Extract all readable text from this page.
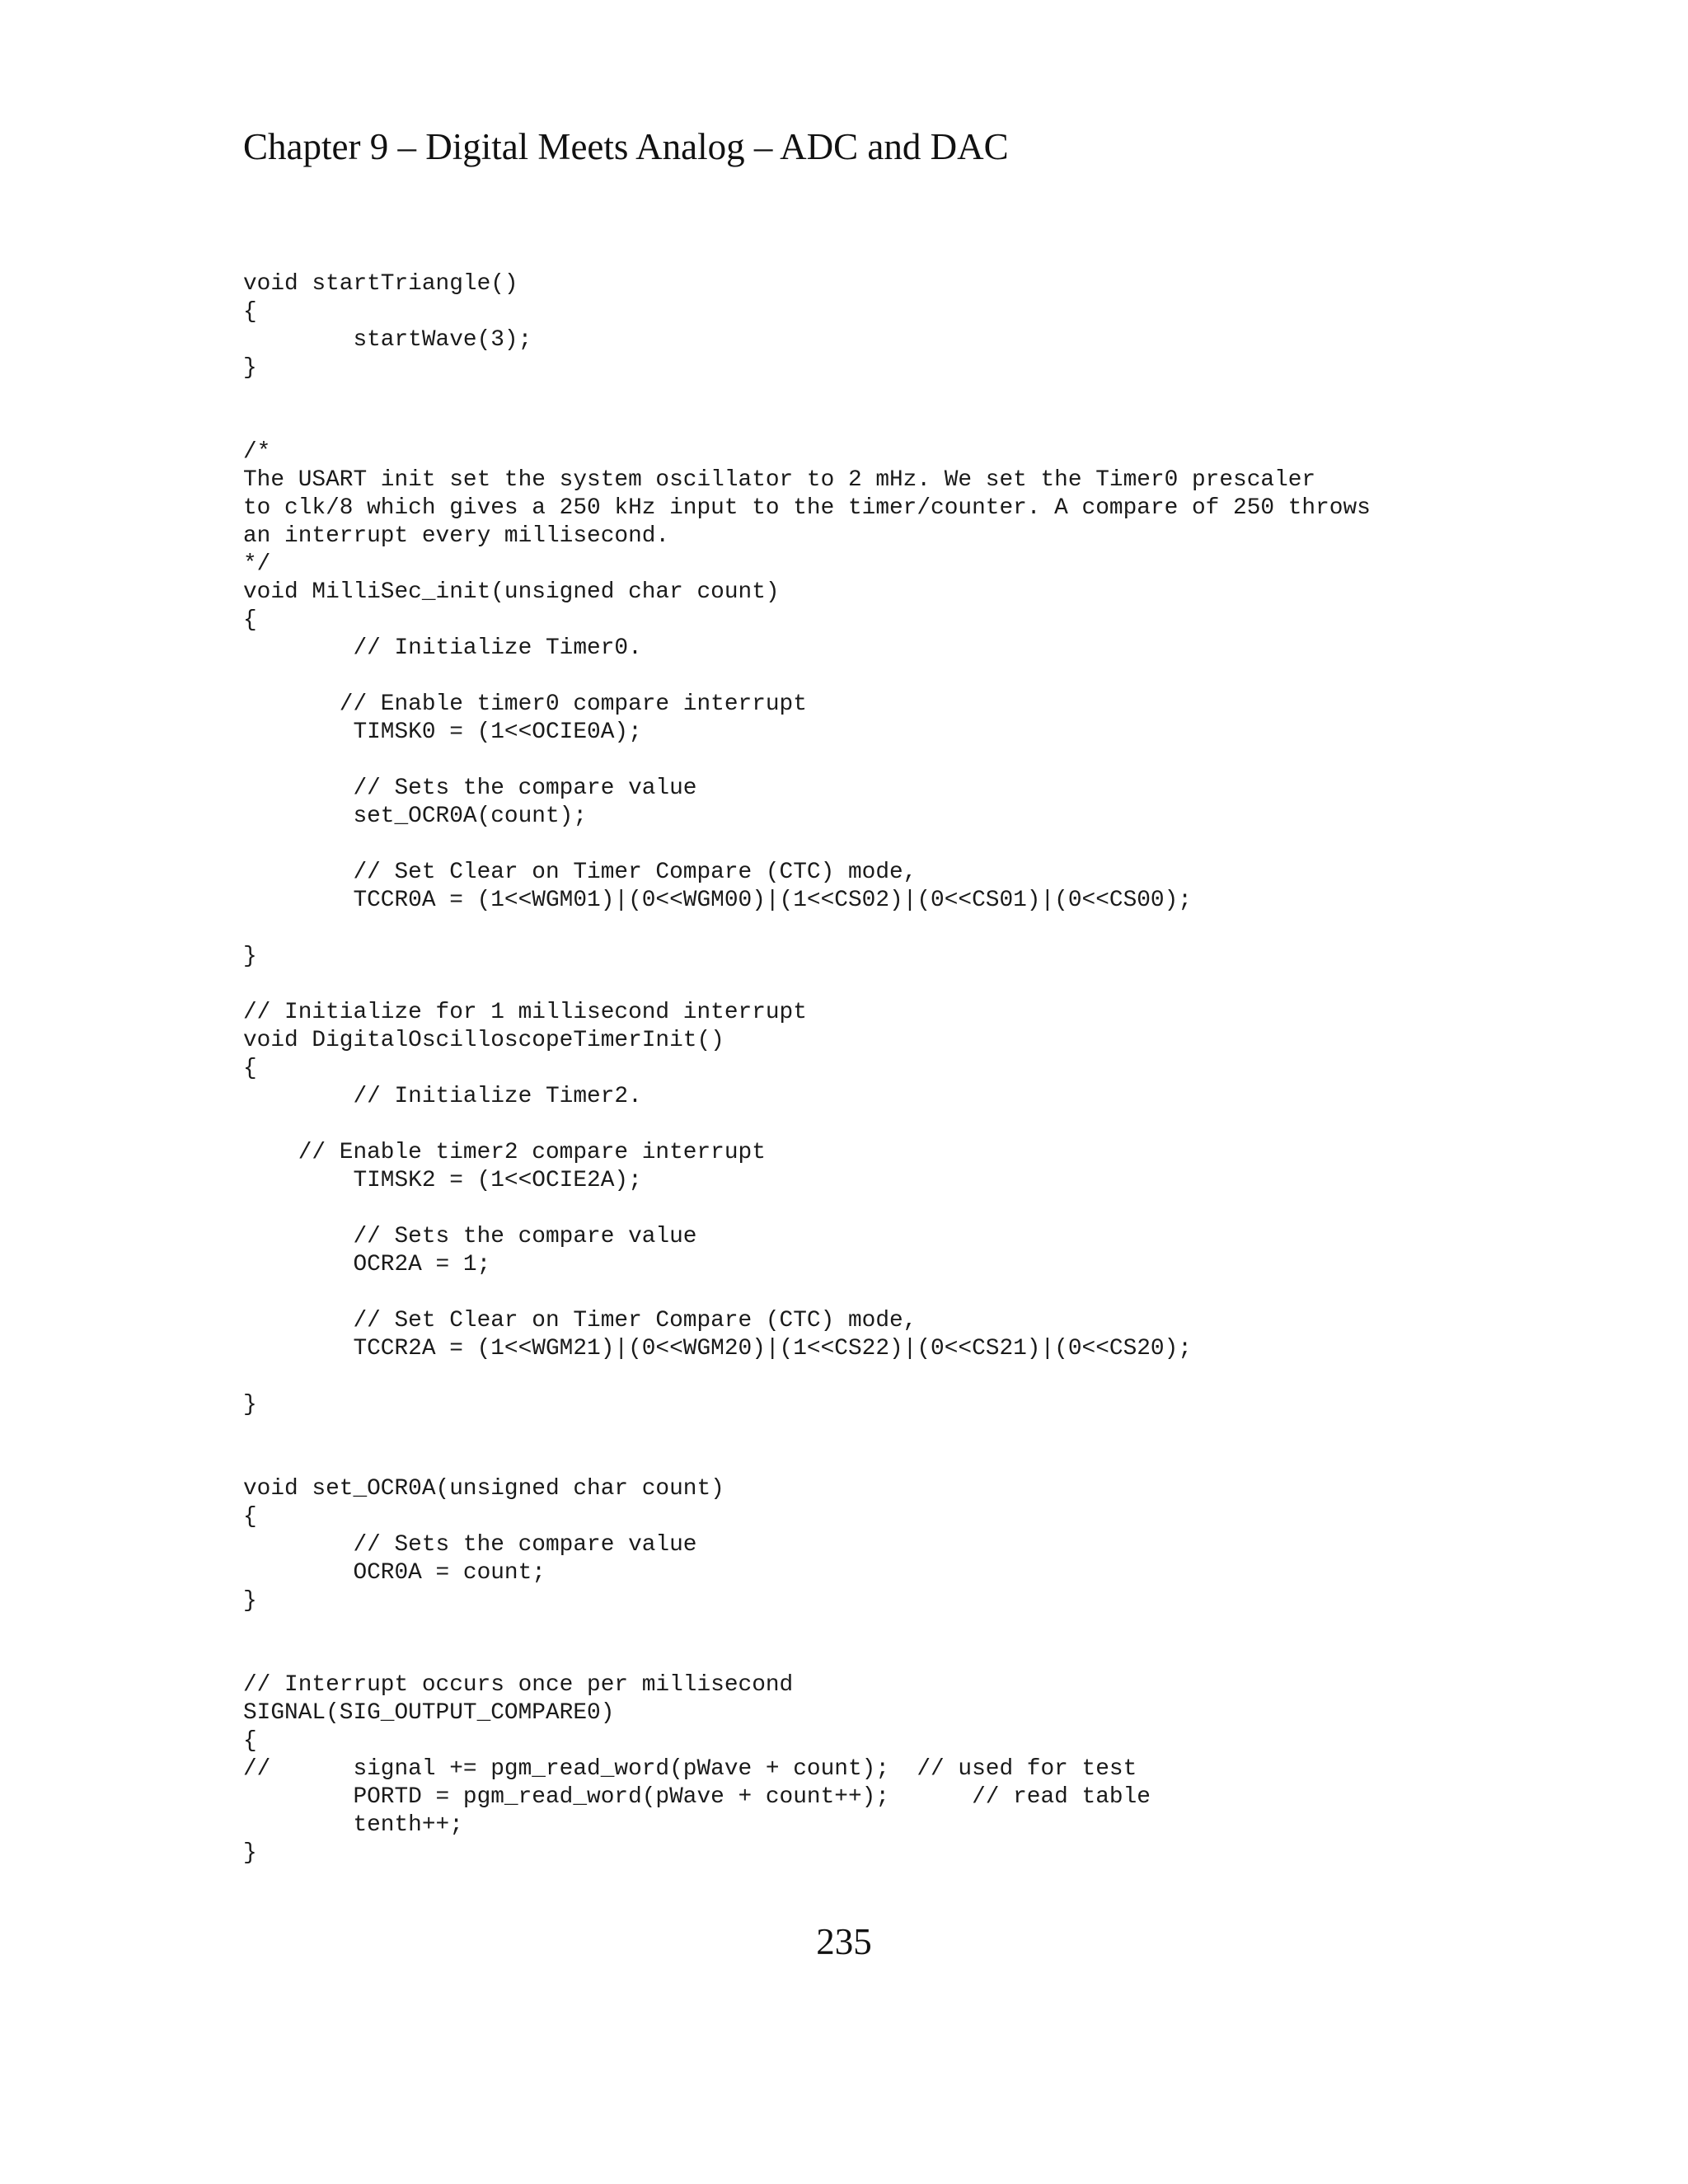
Chapter 9 – Digital Meets Analog – ADC and DAC
void startTriangle()
{
startWave(3);
}
/*
The USART init set the system oscillator to 2 mHz. We set the Timer0 prescaler
to clk/8 which gives a 250 kHz input to the timer/counter. A compare of 250 throws
an interrupt every millisecond.
*/
void MilliSec_init(unsigned char count)
{
// Initialize Timer0.
// Enable timer0 compare interrupt
TIMSK0 = (1<<OCIE0A);
// Sets the compare value
set_OCR0A(count);
// Set Clear on Timer Compare (CTC) mode,
TCCR0A = (1<<WGM01)|(0<<WGM00)|(1<<CS02)|(0<<CS01)|(0<<CS00);
}
// Initialize for 1 millisecond interrupt
void DigitalOscilloscopeTimerInit()
{
// Initialize Timer2.
// Enable timer2 compare interrupt
TIMSK2 = (1<<OCIE2A);
// Sets the compare value
OCR2A = 1;
// Set Clear on Timer Compare (CTC) mode,
TCCR2A = (1<<WGM21)|(0<<WGM20)|(1<<CS22)|(0<<CS21)|(0<<CS20);
}
void set_OCR0A(unsigned char count)
{
// Sets the compare value
OCR0A = count;
}
// Interrupt occurs once per millisecond
SIGNAL(SIG_OUTPUT_COMPARE0)
{
//      signal += pgm_read_word(pWave + count);  // used for test
PORTD = pgm_read_word(pWave + count++);      // read table
tenth++;
}
235
